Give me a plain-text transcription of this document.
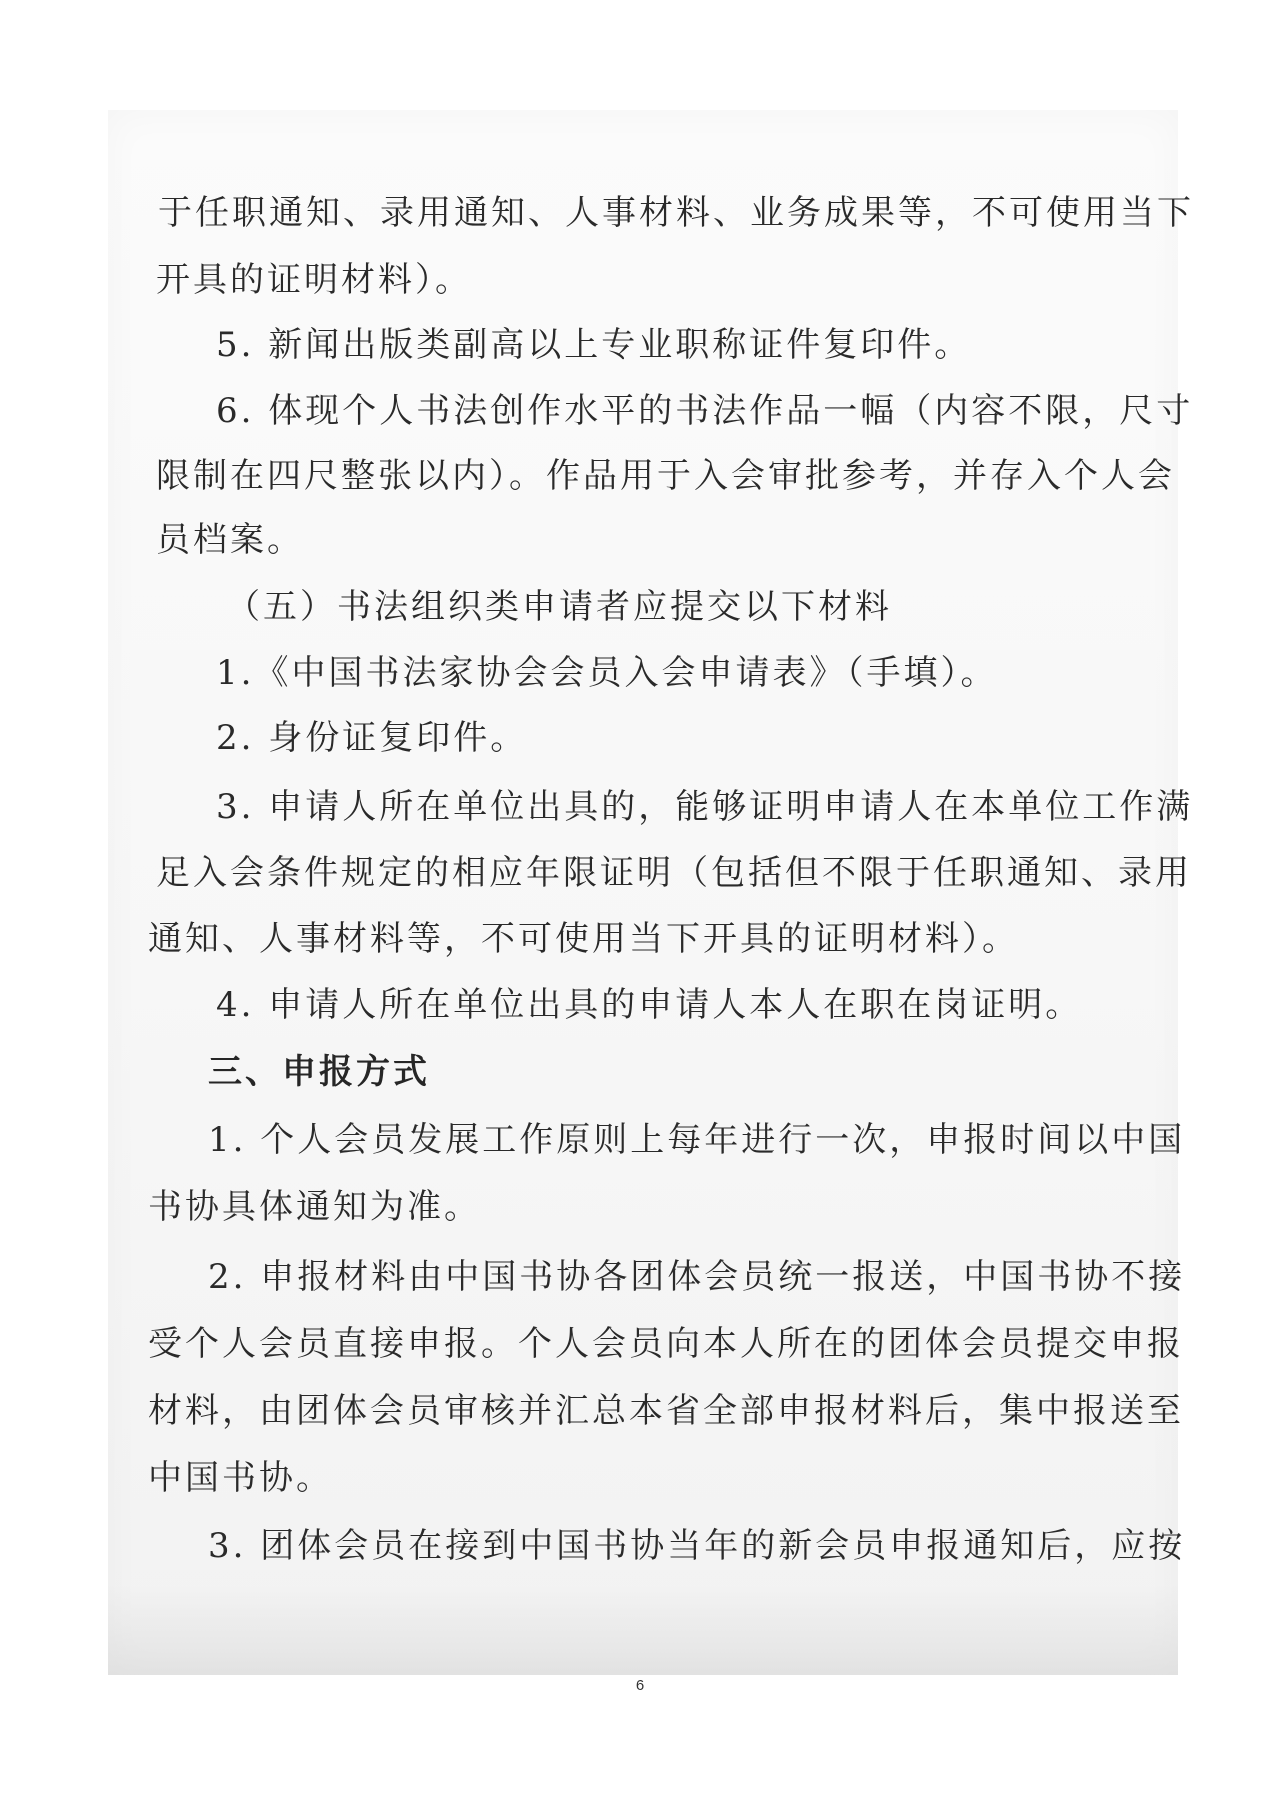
于任职通知、录用通知、人事材料、业务成果等，不可使用当下
开具的证明材料）。
5. 新闻出版类副高以上专业职称证件复印件。
6. 体现个人书法创作水平的书法作品一幅（内容不限，尺寸
限制在四尺整张以内）。作品用于入会审批参考，并存入个人会
员档案。
（五）书法组织类申请者应提交以下材料
1.《中国书法家协会会员入会申请表》（手填）。
2. 身份证复印件。
3. 申请人所在单位出具的，能够证明申请人在本单位工作满
足入会条件规定的相应年限证明（包括但不限于任职通知、录用
通知、人事材料等，不可使用当下开具的证明材料）。
4. 申请人所在单位出具的申请人本人在职在岗证明。
三、申报方式
1. 个人会员发展工作原则上每年进行一次，申报时间以中国
书协具体通知为准。
2. 申报材料由中国书协各团体会员统一报送，中国书协不接
受个人会员直接申报。个人会员向本人所在的团体会员提交申报
材料，由团体会员审核并汇总本省全部申报材料后，集中报送至
中国书协。
3. 团体会员在接到中国书协当年的新会员申报通知后，应按
6
